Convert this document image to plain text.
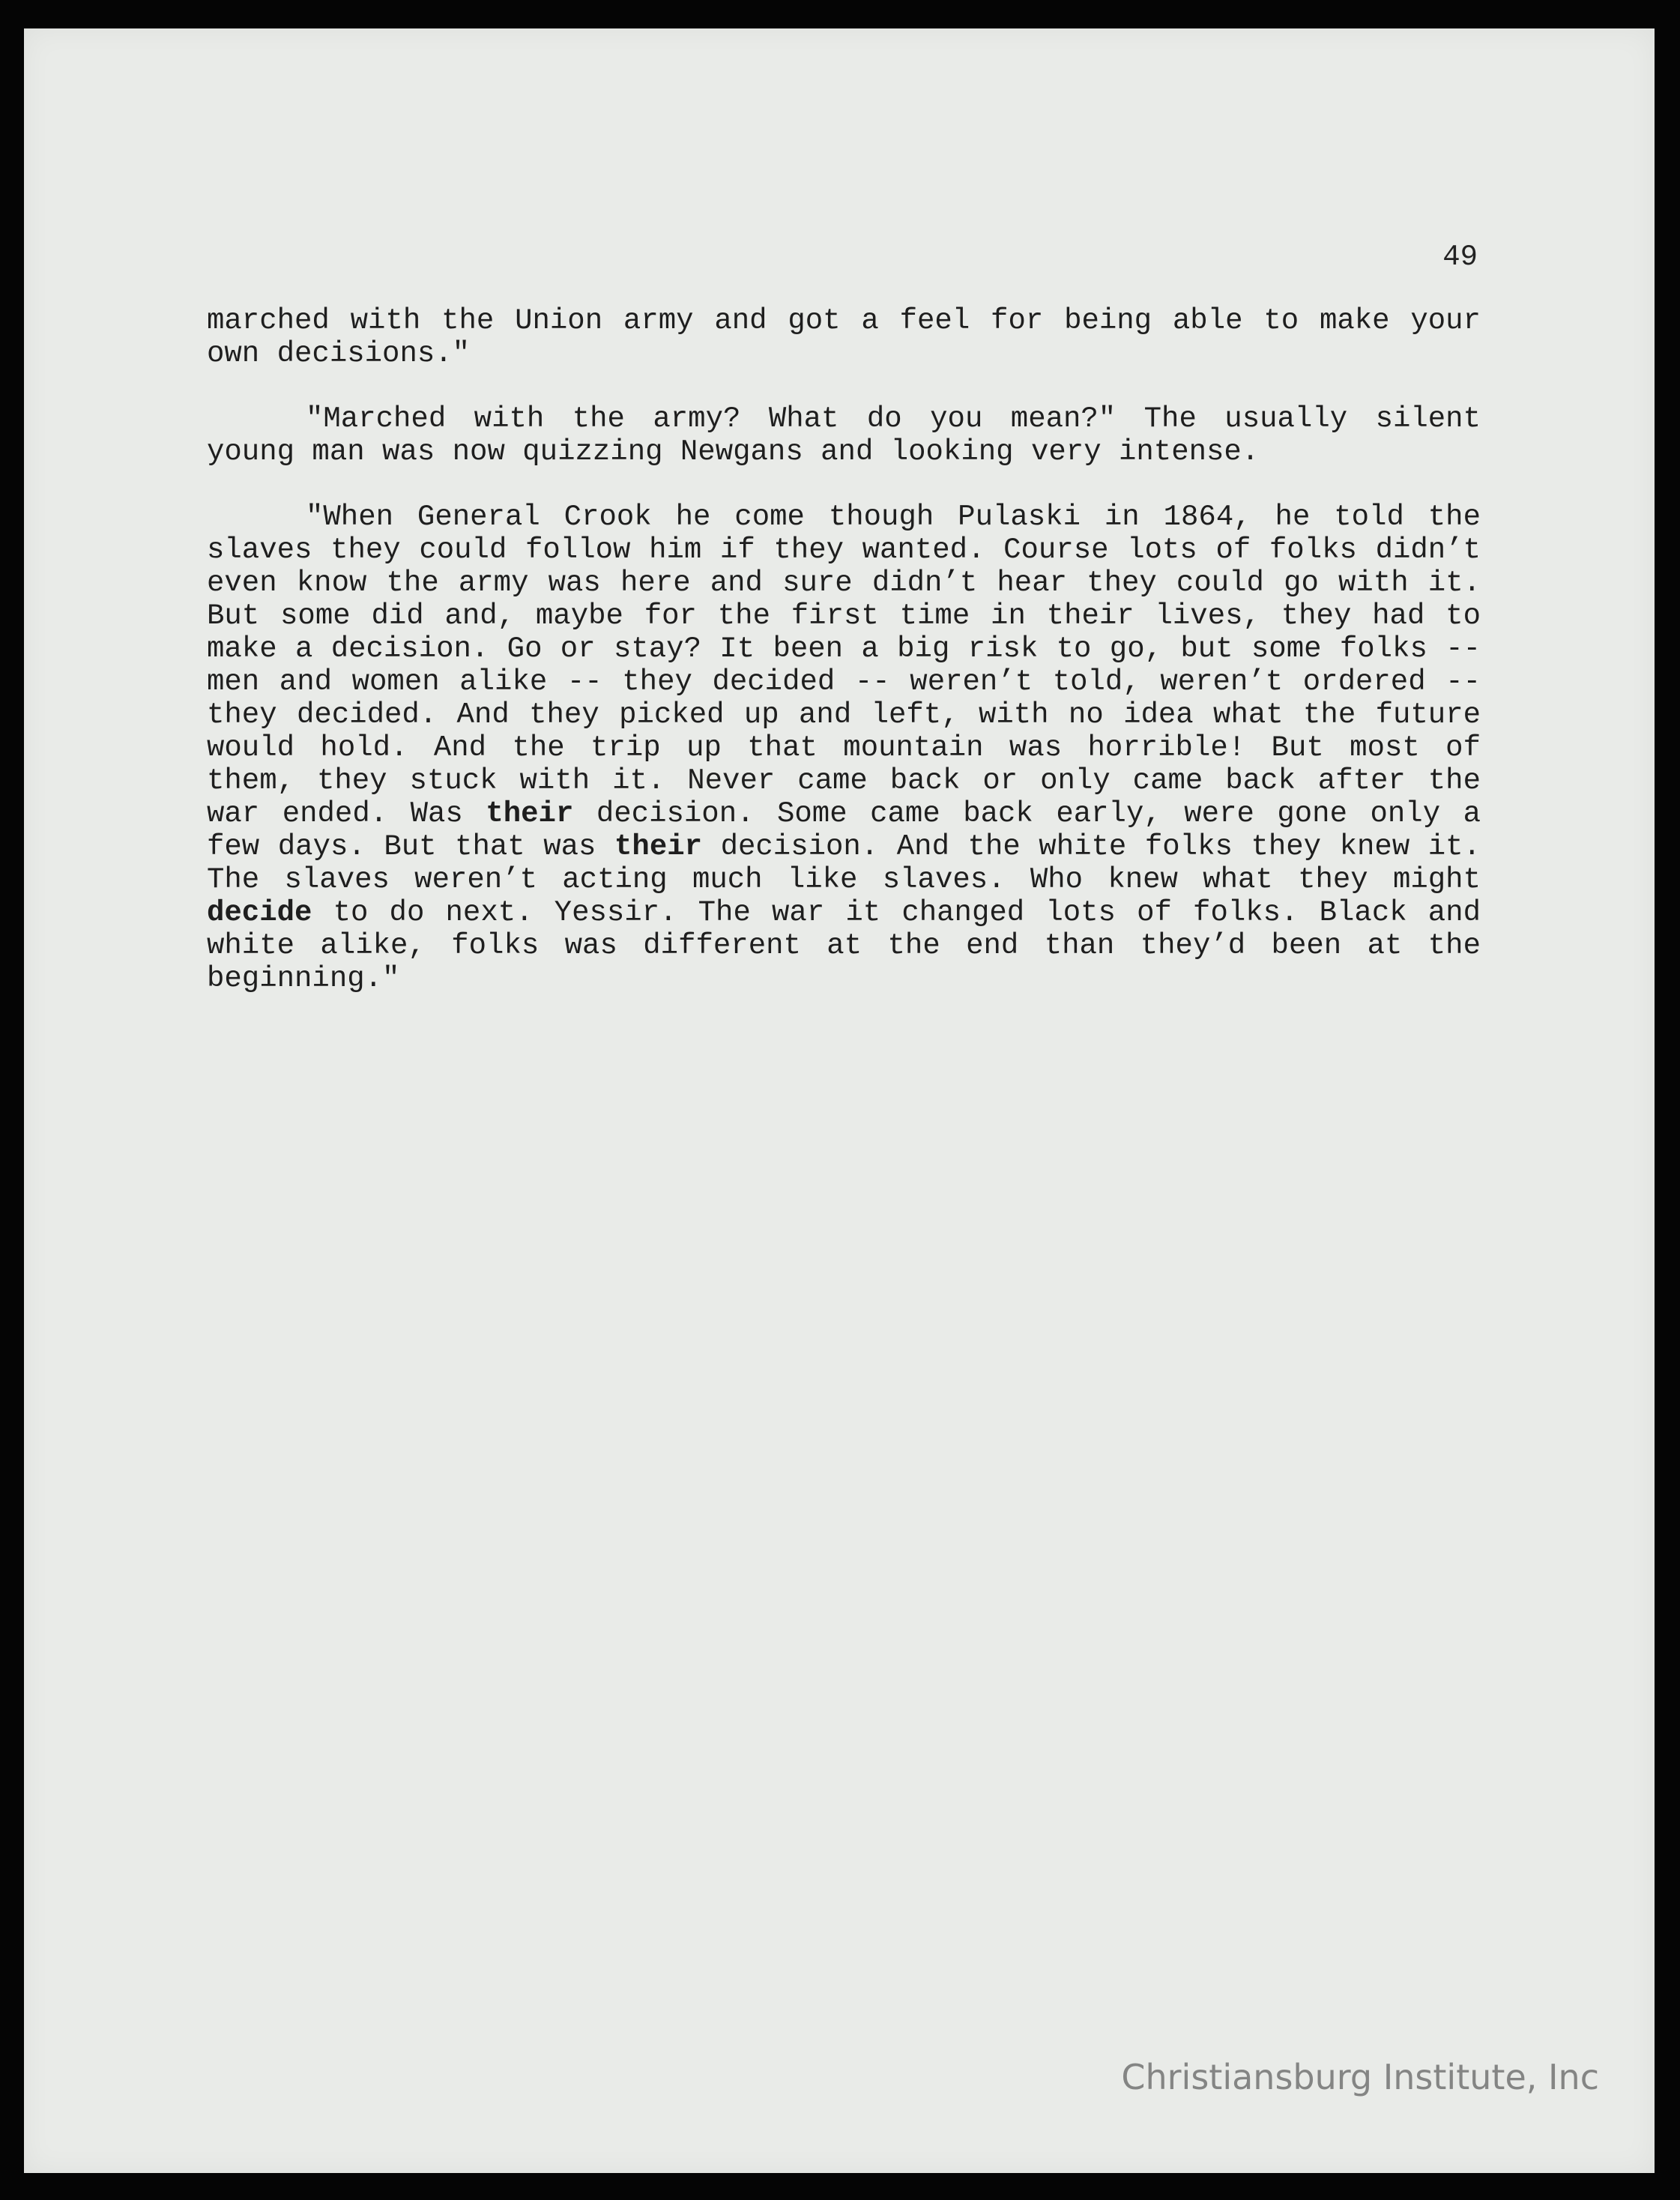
49

marched with the Union army and got a feel for being able to make your own decisions."

"Marched with the army? What do you mean?" The usually silent young man was now quizzing Newgans and looking very intense.

"When General Crook he come though Pulaski in 1864, he told the slaves they could follow him if they wanted. Course lots of folks didn’t even know the army was here and sure didn’t hear they could go with it. But some did and, maybe for the first time in their lives, they had to make a decision. Go or stay? It been a big risk to go, but some folks -- men and women alike -- they decided -- weren’t told, weren’t ordered -- they decided. And they picked up and left, with no idea what the future would hold. And the trip up that mountain was horrible! But most of them, they stuck with it. Never came back or only came back after the war ended. Was their decision. Some came back early, were gone only a few days. But that was their decision. And the white folks they knew it. The slaves weren’t acting much like slaves. Who knew what they might decide to do next. Yessir. The war it changed lots of folks. Black and white alike, folks was different at the end than they’d been at the beginning."

Christiansburg Institute, Inc
